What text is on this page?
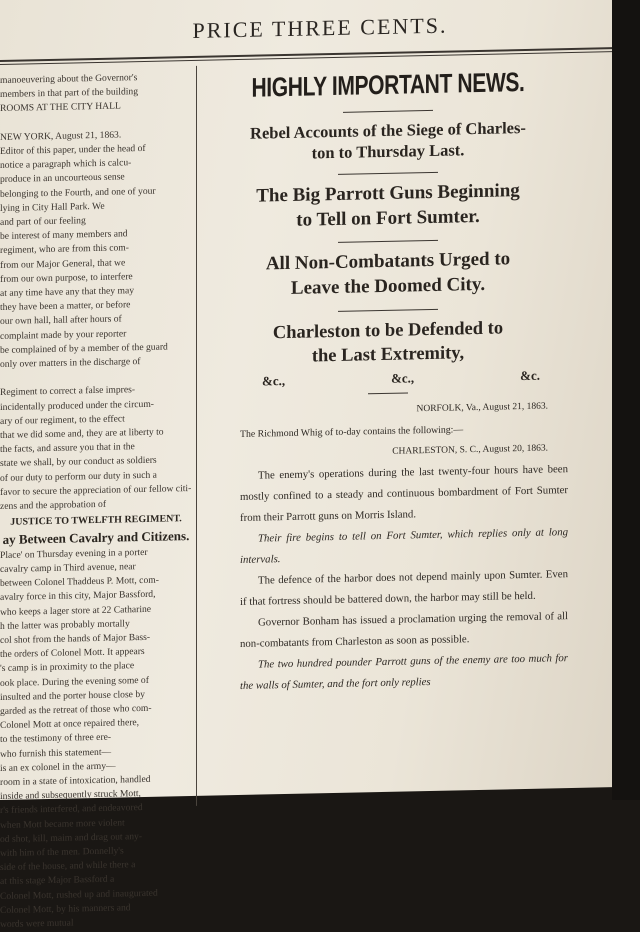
PRICE THREE CENTS.
manoeuvering about the Governor's
members in that part of the building
ROOMS AT THE CITY HALL

NEW YORK, August 21, 1863.
Editor of this paper, under the head of
notice a paragraph which is calcu-
produce in an uncourteous sense
belonging to the Fourth, and one of your
lying in City Hall Park. We
and part of our feeling
be interest of many members and
regiment, who are from this com-
from our Major General, that we
from our own purpose, to interfere
at any time have any that they may
they have been a matter, or before
our own hall, hall after hours of
complaint made by your reporter
be complained of by a member of the guard
only over matters in the discharge of

Regiment to correct a false impres-
incidentally produced under the circum-
ary of our regiment, to the effect
that we did some and, they are at liberty to
the facts, and assure you that in the
state we shall, by our conduct as soldiers
of our duty to perform our duty in such a
favor to secure the appreciation of our fellow citi-
zens and the approbation of
JUSTICE TO TWELFTH REGIMENT.
ay Between Cavalry and Citizens.
Place' on Thursday evening in a porter
cavalry camp in Third avenue, near
between Colonel Thaddeus P. Mott, com-
avalry force in this city, Major Bassford,
who keeps a lager store at 22 Catharine
h the latter was probably mortally
col shot from the hands of Major Bass-
the orders of Colonel Mott. It appears
's camp is in proximity to the place
ook place. During the evening some of
insulted and the porter house close by
garded as the retreat of those who com-
Colonel Mott at once repaired there,
to the testimony of three ere-
who furnish this statement—
is an ex colonel in the army—
room in a state of intoxication, handled
inside and subsequently struck Mott,
r's friends interfered, and endeavored
when Mott became more violent
od shot, kill, maim and drag out any-
with him of the men. Donnelly's
side of the house, and while there a
at this stage Major Bassford a
Colonel Mott, rushed up and inaugurated
Colonel Mott, by his manners and
words were mutual
HIGHLY IMPORTANT NEWS.
Rebel Accounts of the Siege of Charles-
ton to Thursday Last.
The Big Parrott Guns Beginning
to Tell on Fort Sumter.
All Non-Combatants Urged to
Leave the Doomed City.
Charleston to be Defended to
the Last Extremity,
&c.,	&c.,	&c.
NORFOLK, Va., August 21, 1863.
The Richmond Whig of to-day contains the following:—
CHARLESTON, S. C., August 20, 1863.
The enemy's operations during the last twenty-four hours have been mostly confined to a steady and continuous bombardment of Fort Sumter from their Parrott guns on Morris Island.
Their fire begins to tell on Fort Sumter, which replies only at long intervals.
The defence of the harbor does not depend mainly upon Sumter. Even if that fortress should be battered down, the harbor may still be held.
Governor Bonham has issued a proclamation urging the removal of all non-combatants from Charleston as soon as possible.
The two hundred pounder Parrott guns of the enemy are too much for the walls of Sumter, and the fort only replies
